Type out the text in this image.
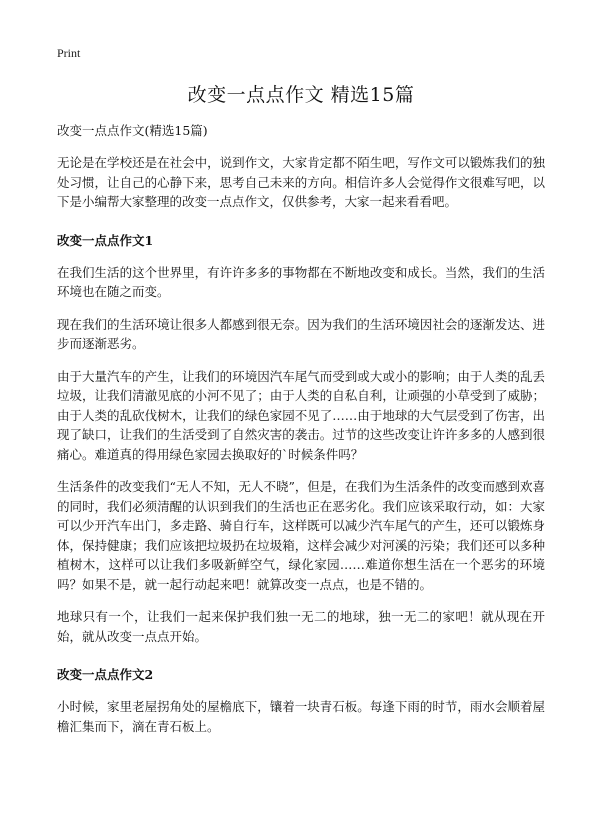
Print
改变一点点作文 精选15篇
改变一点点作文(精选15篇)

无论是在学校还是在社会中，说到作文，大家肯定都不陌生吧，写作文可以锻炼我们的独处习惯，让自己的心静下来，思考自己未来的方向。相信许多人会觉得作文很难写吧，以下是小编帮大家整理的改变一点点作文，仅供参考，大家一起来看看吧。

改变一点点作文1

在我们生活的这个世界里，有许许多多的事物都在不断地改变和成长。当然，我们的生活环境也在随之而变。

现在我们的生活环境让很多人都感到很无奈。因为我们的生活环境因社会的逐渐发达、进步而逐渐恶劣。

由于大量汽车的产生，让我们的环境因汽车尾气而受到或大或小的影响；由于人类的乱丢垃圾，让我们清澈见底的小河不见了；由于人类的自私自利，让顽强的小草受到了威胁；由于人类的乱砍伐树木，让我们的绿色家园不见了……由于地球的大气层受到了伤害，出现了缺口，让我们的生活受到了自然灾害的袭击。过节的这些改变让许许多多的人感到很痛心。难道真的得用绿色家园去换取好的`时候条件吗？

生活条件的改变我们“无人不知，无人不晓”，但是，在我们为生活条件的改变而感到欢喜的同时，我们必须清醒的认识到我们的生活也正在恶劣化。我们应该采取行动，如：大家可以少开汽车出门，多走路、骑自行车，这样既可以减少汽车尾气的产生，还可以锻炼身体，保持健康；我们应该把垃圾扔在垃圾箱，这样会减少对河溪的污染；我们还可以多种植树木，这样可以让我们多吸新鲜空气，绿化家园……难道你想生活在一个恶劣的环境吗？如果不是，就一起行动起来吧！就算改变一点点，也是不错的。

地球只有一个，让我们一起来保护我们独一无二的地球，独一无二的家吧！就从现在开始，就从改变一点点开始。

改变一点点作文2

小时候，家里老屋拐角处的屋檐底下，镶着一块青石板。每逢下雨的时节，雨水会顺着屋檐汇集而下，滴在青石板上。
